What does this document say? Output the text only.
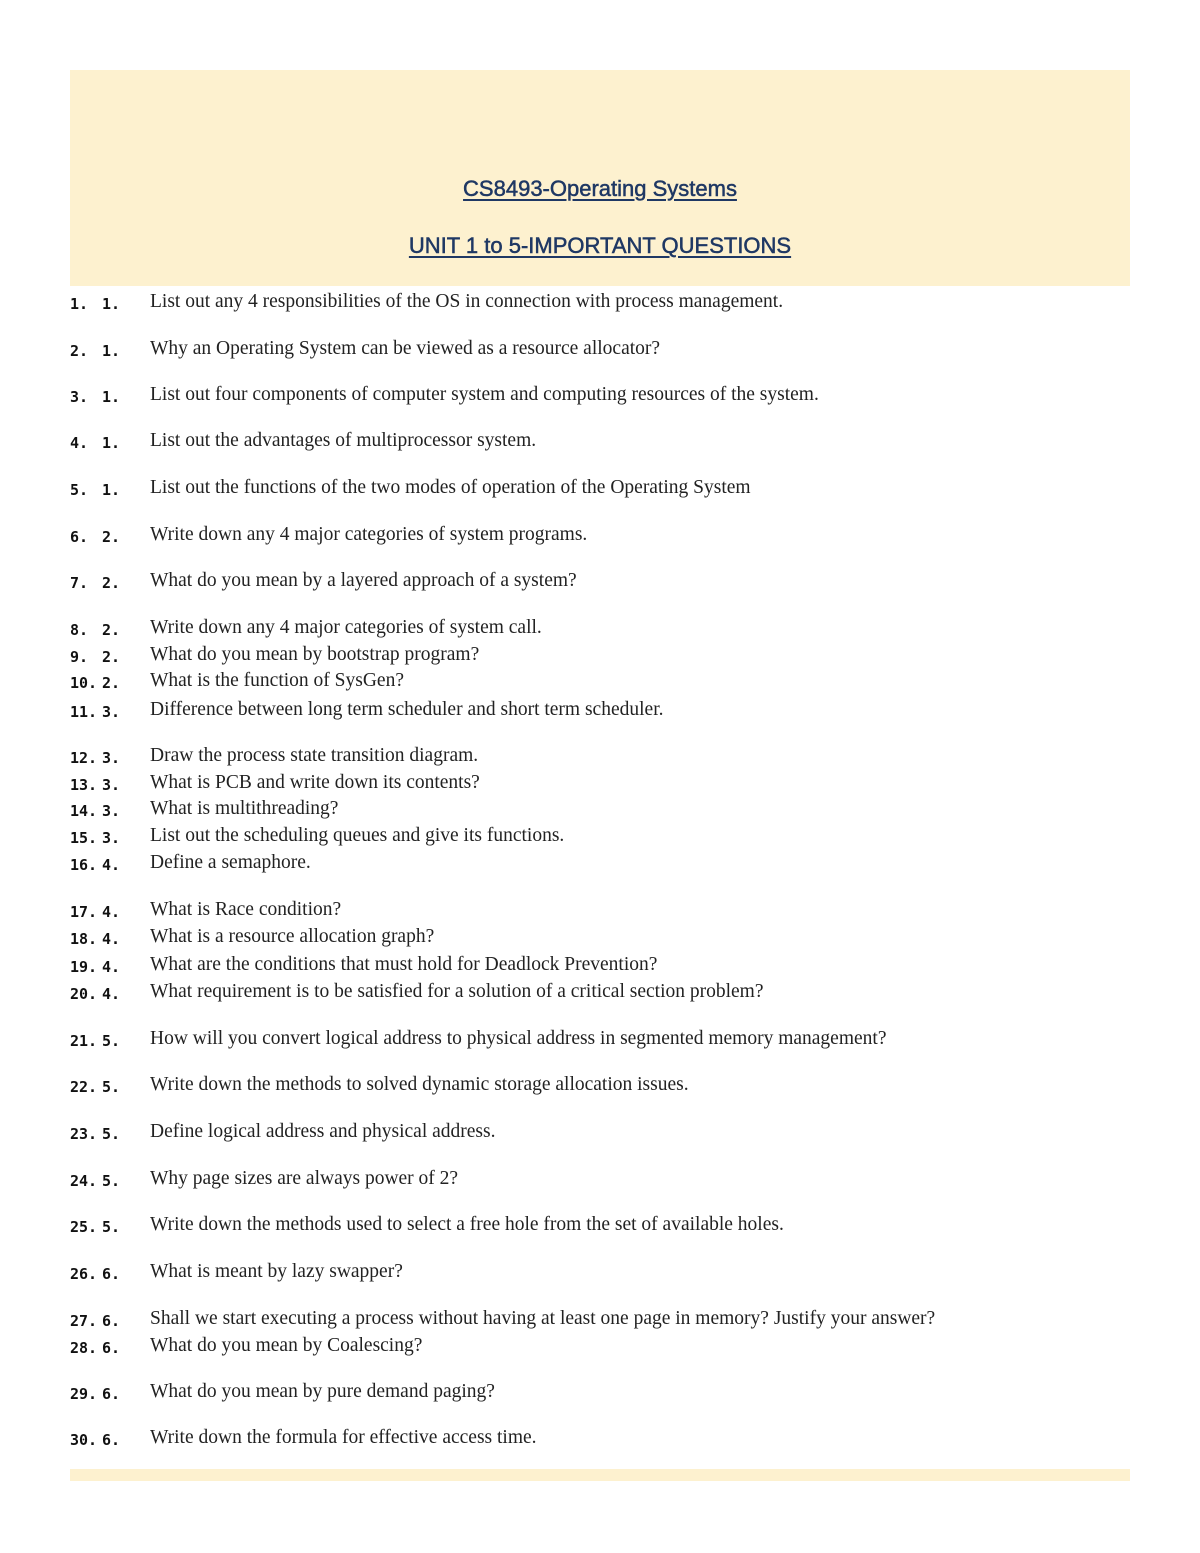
CS8493-Operating Systems
UNIT 1 to 5-IMPORTANT QUESTIONS
1. 1. List out any 4 responsibilities of the OS in connection with process management.
2. 1. Why an Operating System can be viewed as a resource allocator?
3. 1. List out four components of computer system and computing resources of the system.
4. 1. List out the advantages of multiprocessor system.
5. 1. List out the functions of the two modes of operation of the Operating System
6. 2. Write down any 4 major categories of system programs.
7. 2. What do you mean by a layered approach of a system?
8. 2. Write down any 4 major categories of system call.
9. 2. What do you mean by bootstrap program?
10. 2. What is the function of SysGen?
11. 3. Difference between long term scheduler and short term scheduler.
12. 3. Draw the process state transition diagram.
13. 3. What is PCB and write down its contents?
14. 3. What is multithreading?
15. 3. List out the scheduling queues and give its functions.
16. 4. Define a semaphore.
17. 4. What is Race condition?
18. 4. What is a resource allocation graph?
19. 4. What are the conditions that must hold for Deadlock Prevention?
20. 4. What requirement is to be satisfied for a solution of a critical section problem?
21. 5. How will you convert logical address to physical address in segmented memory management?
22. 5. Write down the methods to solved dynamic storage allocation issues.
23. 5. Define logical address and physical address.
24. 5. Why page sizes are always power of 2?
25. 5. Write down the methods used to select a free hole from the set of available holes.
26. 6. What is meant by lazy swapper?
27. 6. Shall we start executing a process without having at least one page in memory? Justify your answer?
28. 6. What do you mean by Coalescing?
29. 6. What do you mean by pure demand paging?
30. 6. Write down the formula for effective access time.
